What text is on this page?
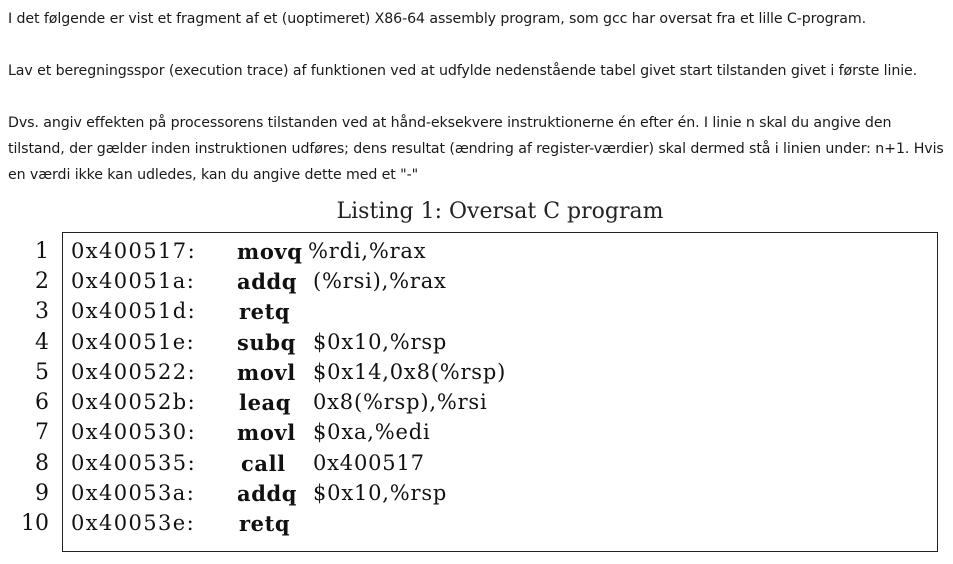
I det følgende er vist et fragment af et (uoptimeret) X86-64 assembly program, som gcc har oversat fra et lille C-program.
Lav et beregningsspor (execution trace) af funktionen ved at udfylde nedenstående tabel givet start tilstanden givet i første linie.
Dvs. angiv effekten på processorens tilstanden ved at hånd-eksekvere instruktionerne én efter én. I linie n skal du angive den tilstand, der gælder inden instruktionen udføres; dens resultat (ændring af register-værdier) skal dermed stå i linien under: n+1. Hvis en værdi ikke kan udledes, kan du angive dette med et "-"
Listing 1: Oversat C program
1 0x400517: movq %rdi,%rax
2 0x40051a: addq (%rsi),%rax
3 0x40051d: retq
4 0x40051e: subq $0x10,%rsp
5 0x400522: movl $0x14,0x8(%rsp)
6 0x40052b: leaq 0x8(%rsp),%rsi
7 0x400530: movl $0xa,%edi
8 0x400535: call 0x400517
9 0x40053a: addq $0x10,%rsp
10 0x40053e: retq
